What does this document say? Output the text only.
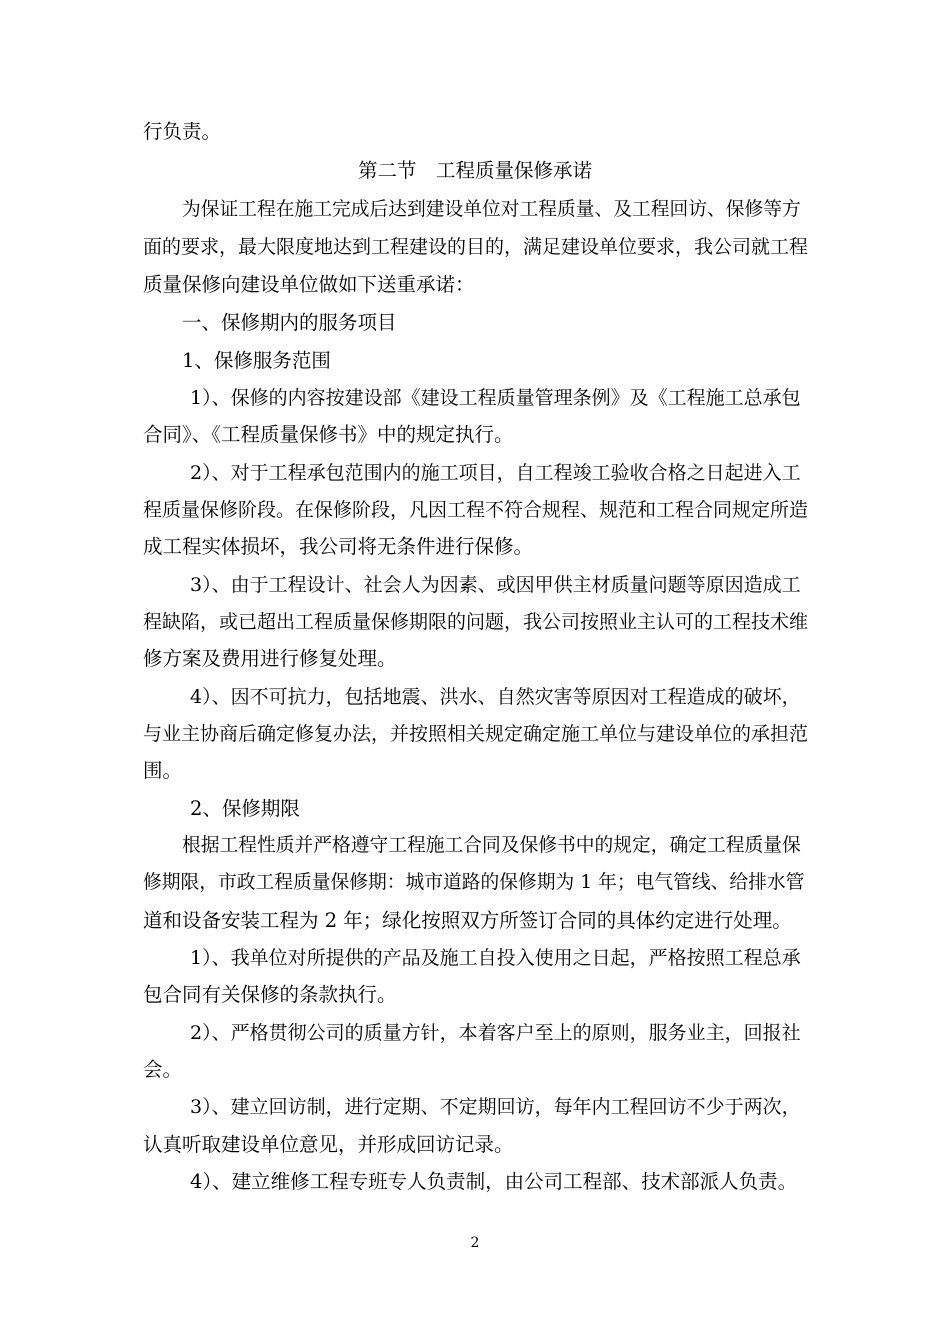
行负责。
第二节　工程质量保修承诺
为保证工程在施工完成后达到建设单位对工程质量、及工程回访、保修等方
面的要求，最大限度地达到工程建设的目的，满足建设单位要求，我公司就工程
质量保修向建设单位做如下送重承诺：
一、保修期内的服务项目
1、保修服务范围
1）、保修的内容按建设部《建设工程质量管理条例》及《工程施工总承包
合同》、《工程质量保修书》中的规定执行。
2）、对于工程承包范围内的施工项目，自工程竣工验收合格之日起进入工
程质量保修阶段。在保修阶段，凡因工程不符合规程、规范和工程合同规定所造
成工程实体损坏，我公司将无条件进行保修。
3）、由于工程设计、社会人为因素、或因甲供主材质量问题等原因造成工
程缺陷，或已超出工程质量保修期限的问题，我公司按照业主认可的工程技术维
修方案及费用进行修复处理。
4）、因不可抗力，包括地震、洪水、自然灾害等原因对工程造成的破坏，
与业主协商后确定修复办法，并按照相关规定确定施工单位与建设单位的承担范
围。
2、保修期限
根据工程性质并严格遵守工程施工合同及保修书中的规定，确定工程质量保
修期限，市政工程质量保修期：城市道路的保修期为 1 年；电气管线、给排水管
道和设备安装工程为 2 年；绿化按照双方所签订合同的具体约定进行处理。
1）、我单位对所提供的产品及施工自投入使用之日起，严格按照工程总承
包合同有关保修的条款执行。
2）、严格贯彻公司的质量方针，本着客户至上的原则，服务业主，回报社
会。
3）、建立回访制，进行定期、不定期回访，每年内工程回访不少于两次，
认真听取建设单位意见，并形成回访记录。
4）、建立维修工程专班专人负责制，由公司工程部、技术部派人负责。
2
